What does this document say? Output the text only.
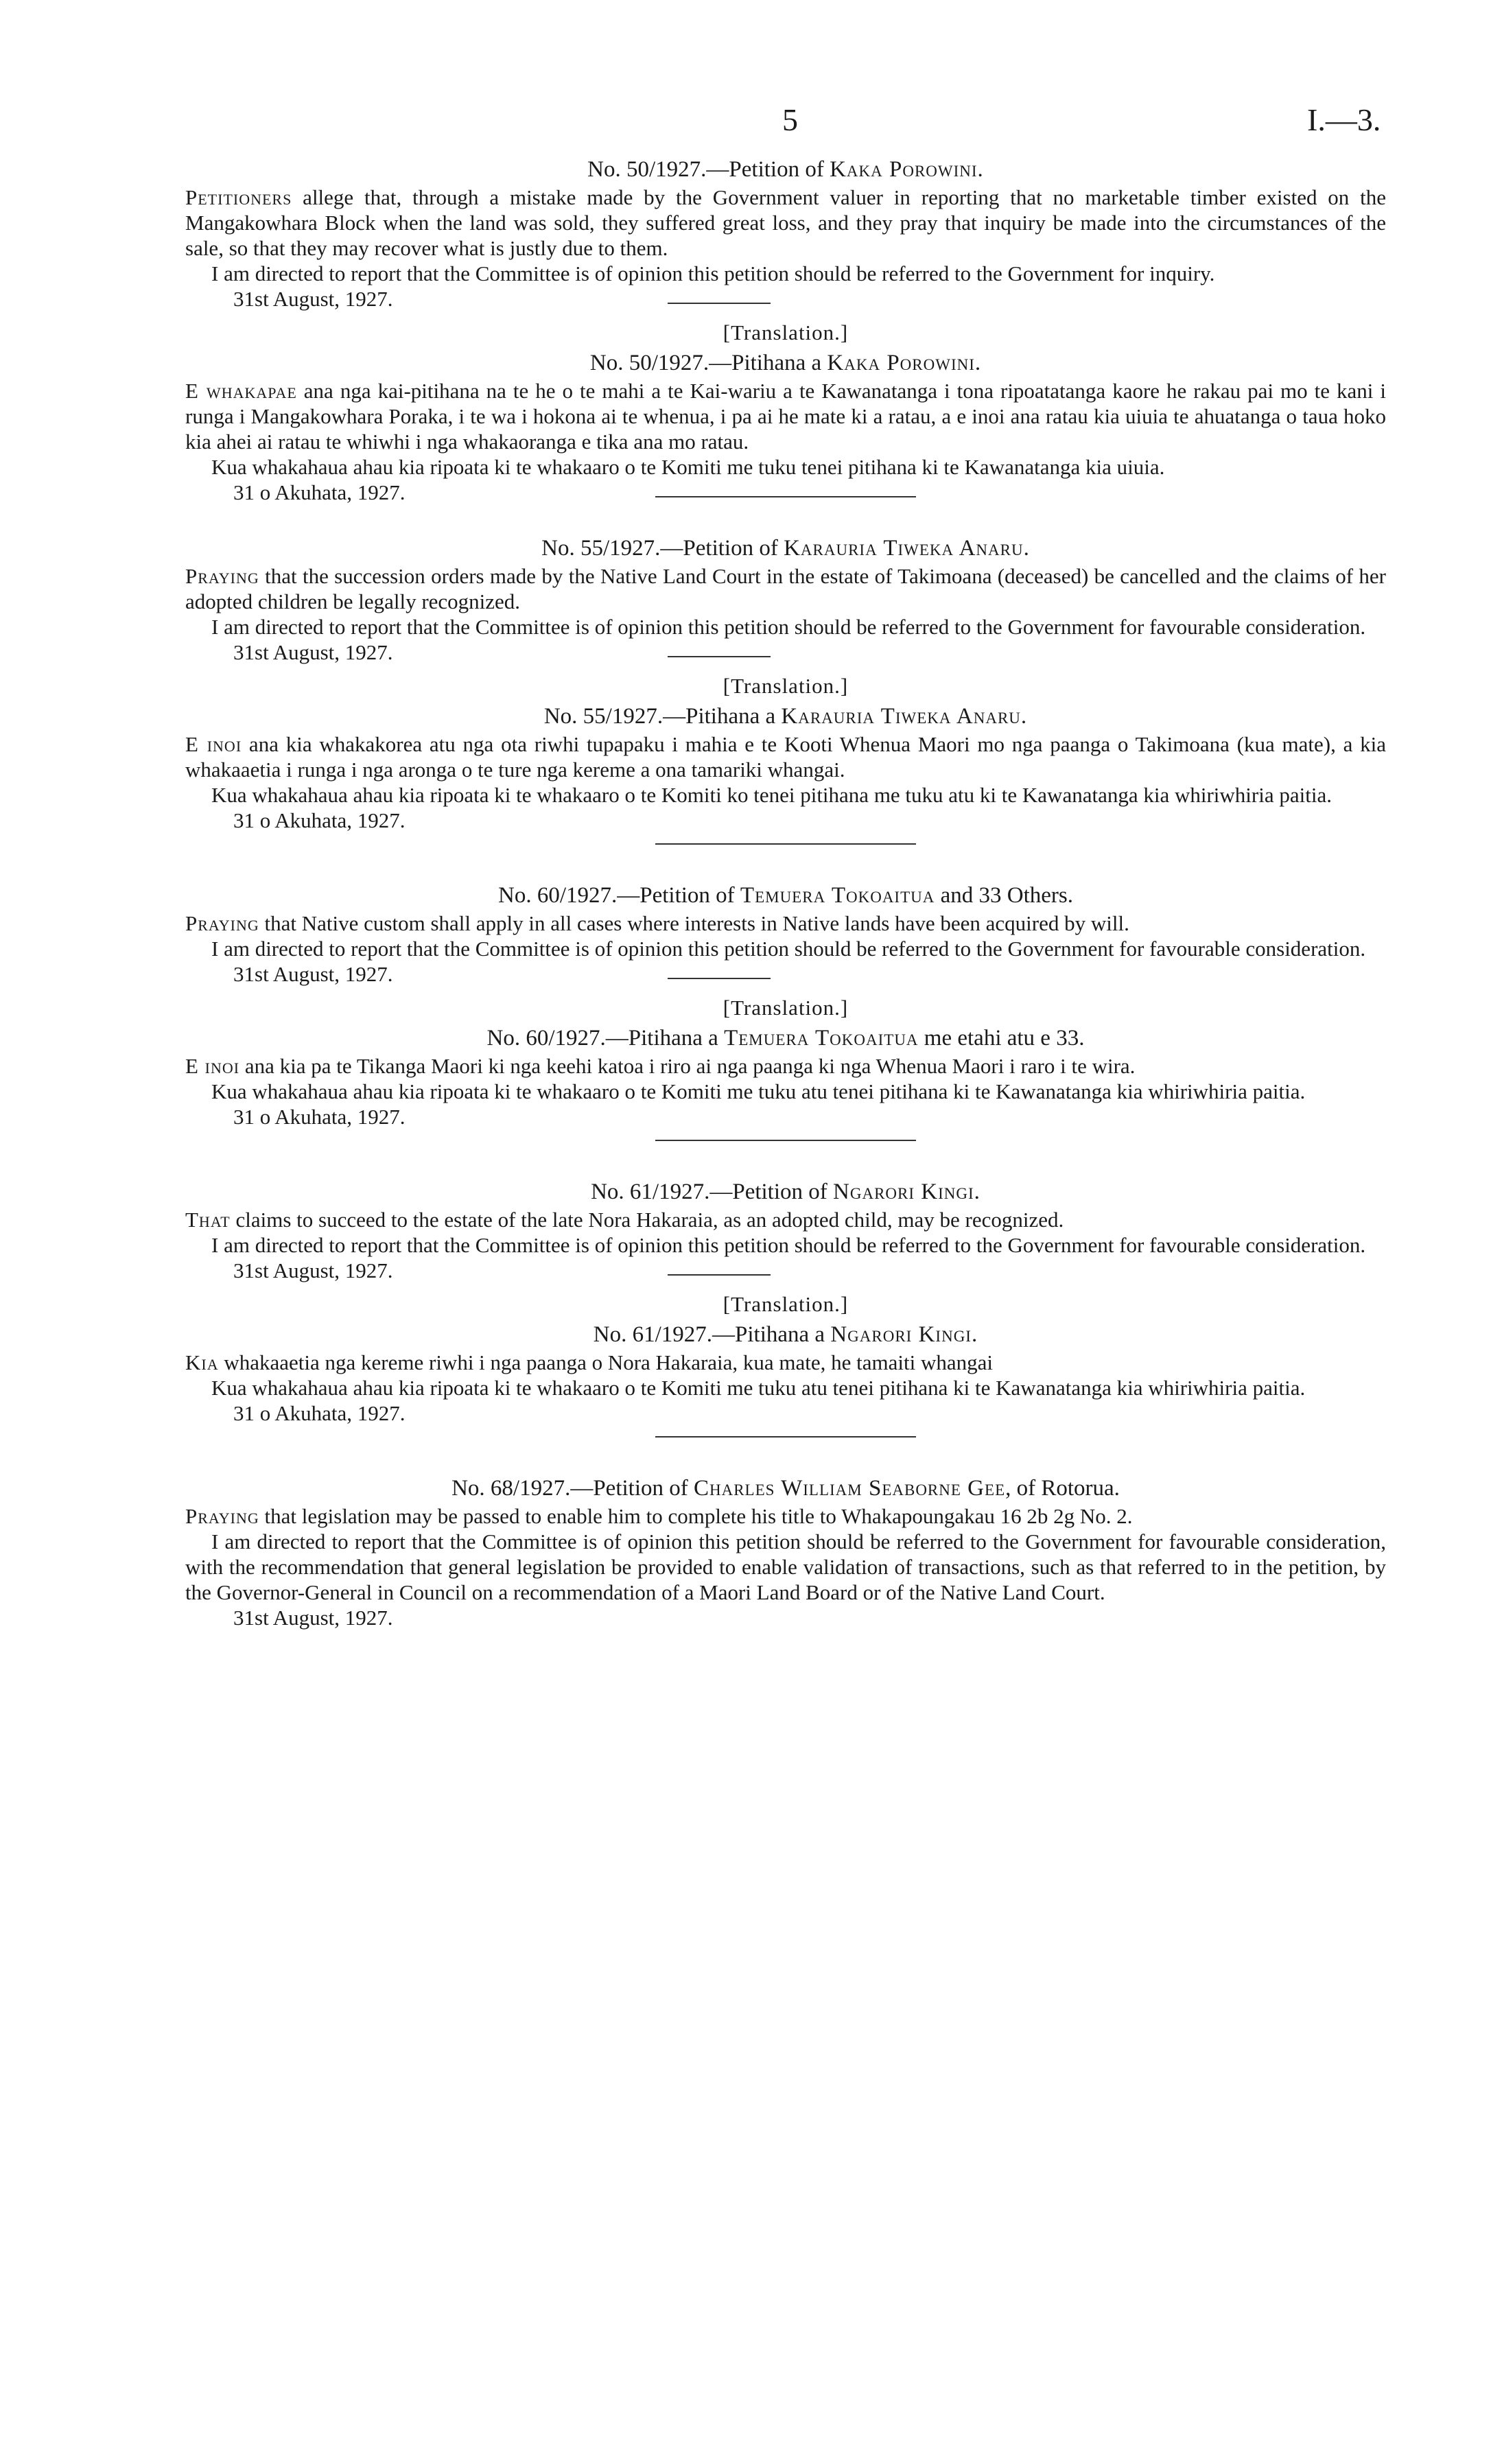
5	I.—3.

No. 50/1927.—Petition of Kaka Porowini.

Petitioners allege that, through a mistake made by the Government valuer in reporting that no marketable timber existed on the Mangakowhara Block when the land was sold, they suffered great loss, and they pray that inquiry be made into the circumstances of the sale, so that they may recover what is justly due to them.

I am directed to report that the Committee is of opinion this petition should be referred to the Government for inquiry.

31st August, 1927.

[Translation.]

No. 50/1927.—Pitihana a Kaka Porowini.

E whakapae ana nga kai-pitihana na te he o te mahi a te Kai-wariu a te Kawanatanga i tona ripoatatanga kaore he rakau pai mo te kani i runga i Mangakowhara Poraka, i te wa i hokona ai te whenua, i pa ai he mate ki a ratau, a e inoi ana ratau kia uiuia te ahuatanga o taua hoko kia ahei ai ratau te whiwhi i nga whakaoranga e tika ana mo ratau.

Kua whakahaua ahau kia ripoata ki te whakaaro o te Komiti me tuku tenei pitihana ki te Kawanatanga kia uiuia.

31 o Akuhata, 1927.

No. 55/1927.—Petition of Karauria Tiweka Anaru.

Praying that the succession orders made by the Native Land Court in the estate of Takimoana (deceased) be cancelled and the claims of her adopted children be legally recognized.

I am directed to report that the Committee is of opinion this petition should be referred to the Government for favourable consideration.

31st August, 1927.

[Translation.]

No. 55/1927.—Pitihana a Karauria Tiweka Anaru.

E inoi ana kia whakakorea atu nga ota riwhi tupapaku i mahia e te Kooti Whenua Maori mo nga paanga o Takimoana (kua mate), a kia whakaaetia i runga i nga aronga o te ture nga kereme a ona tamariki whangai.

Kua whakahaua ahau kia ripoata ki te whakaaro o te Komiti ko tenei pitihana me tuku atu ki te Kawanatanga kia whiriwhiria paitia.

31 o Akuhata, 1927.

No. 60/1927.—Petition of Temuera Tokoaitua and 33 Others.

Praying that Native custom shall apply in all cases where interests in Native lands have been acquired by will.

I am directed to report that the Committee is of opinion this petition should be referred to the Government for favourable consideration.

31st August, 1927.

[Translation.]

No. 60/1927.—Pitihana a Temuera Tokoaitua me etahi atu e 33.

E inoi ana kia pa te Tikanga Maori ki nga keehi katoa i riro ai nga paanga ki nga Whenua Maori i raro i te wira.

Kua whakahaua ahau kia ripoata ki te whakaaro o te Komiti me tuku atu tenei pitihana ki te Kawanatanga kia whiriwhiria paitia.

31 o Akuhata, 1927.

No. 61/1927.—Petition of Ngarori Kingi.

That claims to succeed to the estate of the late Nora Hakaraia, as an adopted child, may be recognized.

I am directed to report that the Committee is of opinion this petition should be referred to the Government for favourable consideration.

31st August, 1927.

[Translation.]

No. 61/1927.—Pitihana a Ngarori Kingi.

Kia whakaaetia nga kereme riwhi i nga paanga o Nora Hakaraia, kua mate, he tamaiti whangai

Kua whakahaua ahau kia ripoata ki te whakaaro o te Komiti me tuku atu tenei pitihana ki te Kawanatanga kia whiriwhiria paitia.

31 o Akuhata, 1927.

No. 68/1927.—Petition of Charles William Seaborne Gee, of Rotorua.

Praying that legislation may be passed to enable him to complete his title to Whakapoungakau 16 2b 2g No. 2.

I am directed to report that the Committee is of opinion this petition should be referred to the Government for favourable consideration, with the recommendation that general legislation be provided to enable validation of transactions, such as that referred to in the petition, by the Governor-General in Council on a recommendation of a Maori Land Board or of the Native Land Court.

31st August, 1927.
